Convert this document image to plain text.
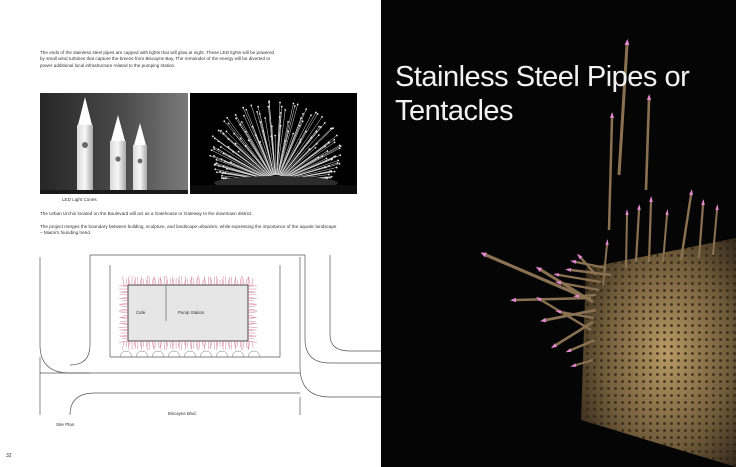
The ends of the stainless steel pipes are capped with lights that will glow at night. These LED lights will be powered by small wind turbines that capture the breeze from Biscayne Bay. The remainder of the energy will be diverted to power additional local infrastructure related to the pumping station.

LED Light Cones

The Urban Urchin located on the Boulevard will act as a Gatehouse or Gateway to the downtown district.

The project merges the boundary between building, sculpture, and landscape urbanism, while expressing the importance of the aquatic landscape – Miami's founding trend.

Cafe	Pump Station
Biscayne Blvd.
Site Plan
32
Stainless Steel Pipes or
Tentacles
